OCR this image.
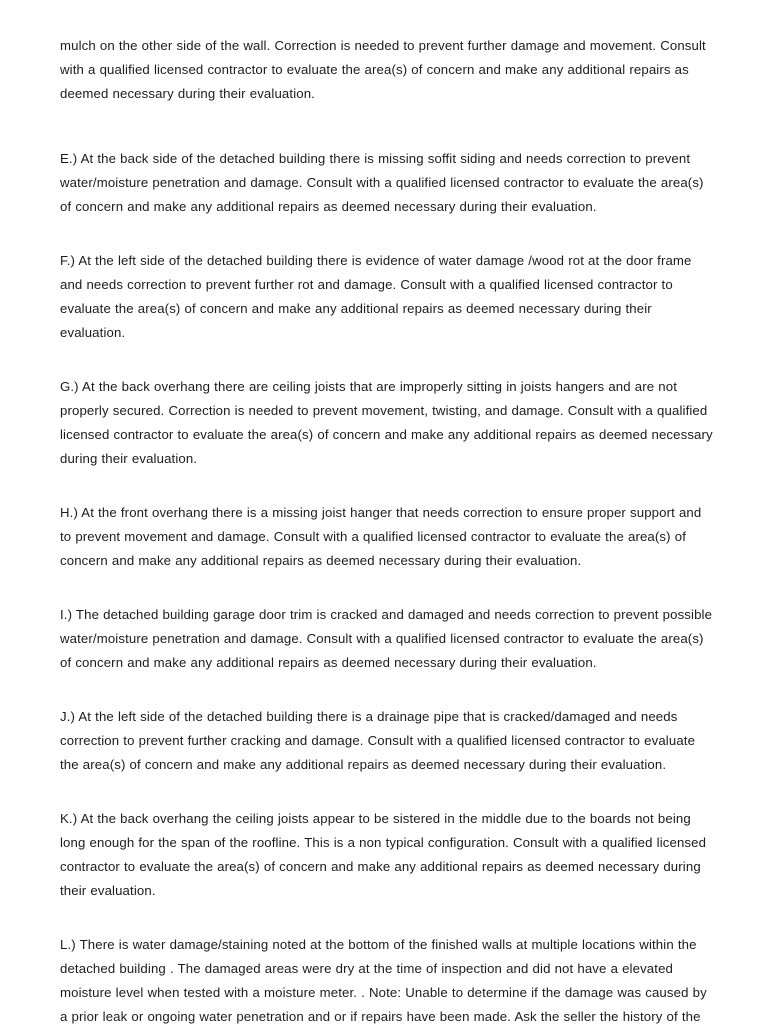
mulch on the other side of the wall. Correction is needed to prevent further damage and movement. Consult with a qualified licensed contractor to evaluate the area(s) of concern and make any additional repairs as deemed necessary during their evaluation.

E.) At the back side of the detached building there is missing soffit siding and needs correction to prevent water/moisture penetration and damage. Consult with a qualified licensed contractor to evaluate the area(s) of concern and make any additional repairs as deemed necessary during their evaluation.

F.) At the left side of the detached building there is evidence of water damage /wood rot at the door frame and needs correction to prevent further rot and damage. Consult with a qualified licensed contractor to evaluate the area(s) of concern and make any additional repairs as deemed necessary during their evaluation.

G.) At the back overhang there are ceiling joists that are improperly sitting in joists hangers and are not properly secured. Correction is needed to prevent movement, twisting, and damage. Consult with a qualified licensed contractor to evaluate the area(s) of concern and make any additional repairs as deemed necessary during their evaluation.

H.) At the front overhang there is a missing joist hanger that needs correction to ensure proper support and to prevent movement and damage. Consult with a qualified licensed contractor to evaluate the area(s) of concern and make any additional repairs as deemed necessary during their evaluation.

I.) The detached building garage door trim is cracked and damaged and needs correction to prevent possible water/moisture penetration and damage. Consult with a qualified licensed contractor to evaluate the area(s) of concern and make any additional repairs as deemed necessary during their evaluation.

J.) At the left side of the detached building there is a drainage pipe that is cracked/damaged and needs correction to prevent further cracking and damage. Consult with a qualified licensed contractor to evaluate the area(s) of concern and make any additional repairs as deemed necessary during their evaluation.

K.) At the back overhang the ceiling joists appear to be sistered in the middle due to the boards not being long enough for the span of the roofline. This is a non typical configuration. Consult with a qualified licensed contractor to evaluate the area(s) of concern and make any additional repairs as deemed necessary during their evaluation.

L.) There is water damage/staining noted at the bottom of the finished walls at multiple locations within the detached building . The damaged areas were dry at the time of inspection and did not have a elevated moisture level when tested with a moisture meter. . Note: Unable to determine if the damage was caused by a prior leak or ongoing water penetration and or if repairs have been made. Ask the seller the history of the
